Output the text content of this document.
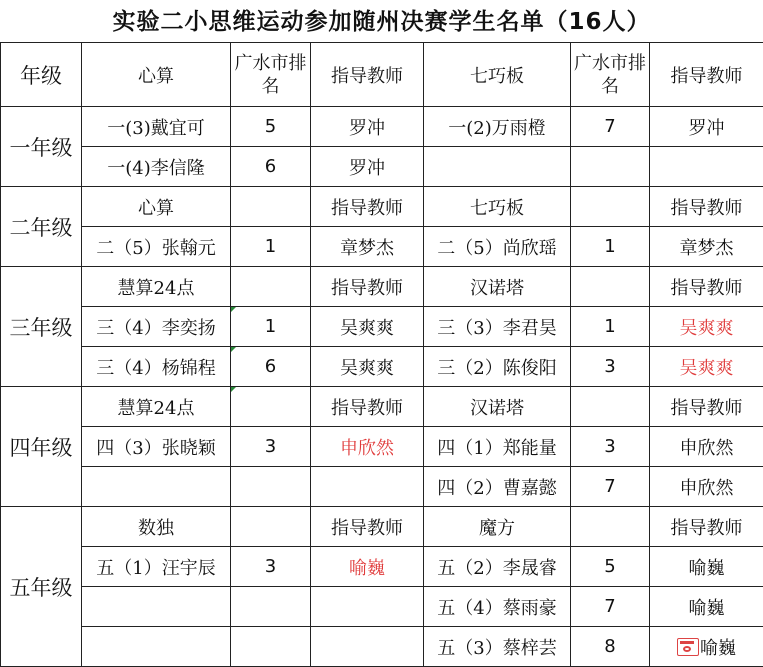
实验二小思维运动参加随州决赛学生名单（16人）
年级	心算	广水市排名	指导教师	七巧板	广水市排名	指导教师
一年级	一(3)戴宜可	5	罗冲	一(2)万雨橙	7	罗冲
	一(4)李信隆	6	罗冲			
二年级	心算		指导教师	七巧板		指导教师
	二（5）张翰元	1	章梦杰	二（5）尚欣瑶	1	章梦杰
三年级	慧算24点		指导教师	汉诺塔		指导教师
	三（4）李奕扬	1	吴爽爽	三（3）李君昊	1	吴爽爽
	三（4）杨锦程	6	吴爽爽	三（2）陈俊阳	3	吴爽爽
四年级	慧算24点		指导教师	汉诺塔		指导教师
	四（3）张晓颖	3	申欣然	四（1）郑能量	3	申欣然
				四（2）曹嘉懿	7	申欣然
五年级	数独		指导教师	魔方		指导教师
	五（1）汪宇辰	3	喻巍	五（2）李晟睿	5	喻巍
				五（4）蔡雨豪	7	喻巍
				五（3）蔡梓芸	8	喻巍
